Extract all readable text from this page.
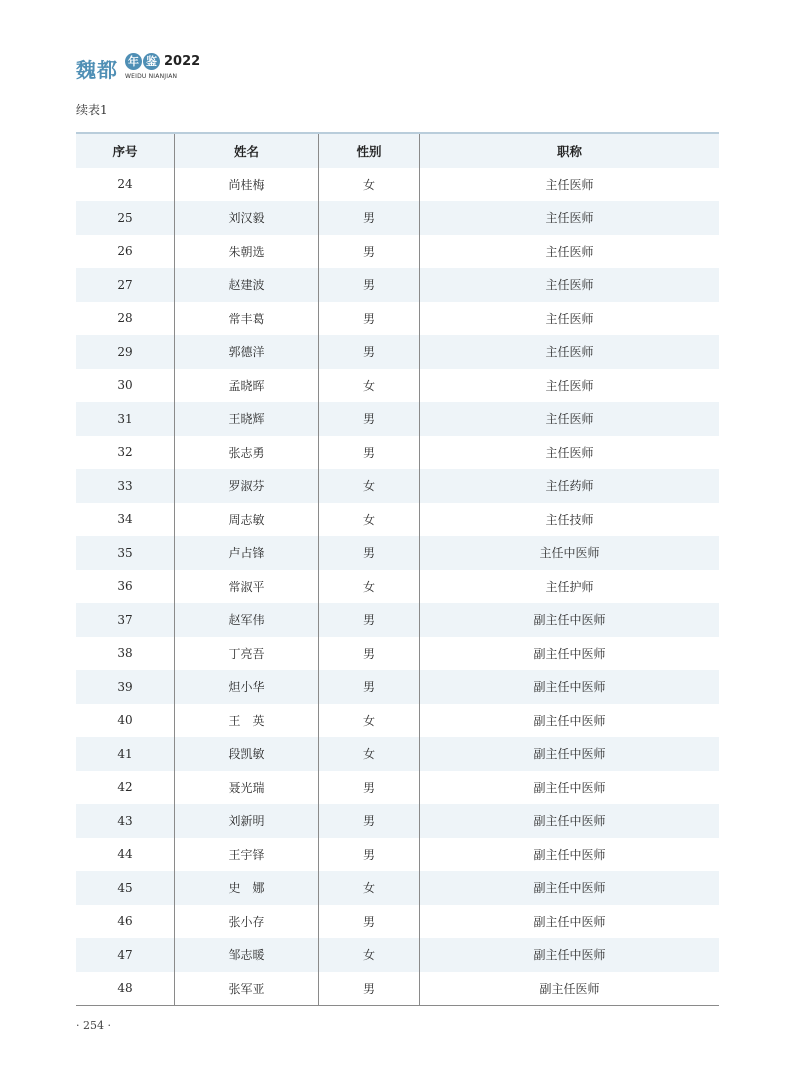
魏都 年 鉴 2022
WEIDU NIANJIAN
续表1
序号	姓名	性别	职称
24	尚桂梅	女	主任医师
25	刘汉毅	男	主任医师
26	朱朝选	男	主任医师
27	赵建波	男	主任医师
28	常丰葛	男	主任医师
29	郭德洋	男	主任医师
30	孟晓晖	女	主任医师
31	王晓辉	男	主任医师
32	张志勇	男	主任医师
33	罗淑芬	女	主任药师
34	周志敏	女	主任技师
35	卢占锋	男	主任中医师
36	常淑平	女	主任护师
37	赵军伟	男	副主任中医师
38	丁亮吾	男	副主任中医师
39	炟小华	男	副主任中医师
40	王　英	女	副主任中医师
41	段凯敏	女	副主任中医师
42	聂光瑞	男	副主任中医师
43	刘新明	男	副主任中医师
44	王宇铎	男	副主任中医师
45	史　娜	女	副主任中医师
46	张小存	男	副主任中医师
47	邹志暖	女	副主任中医师
48	张军亚	男	副主任医师
· 254 ·
